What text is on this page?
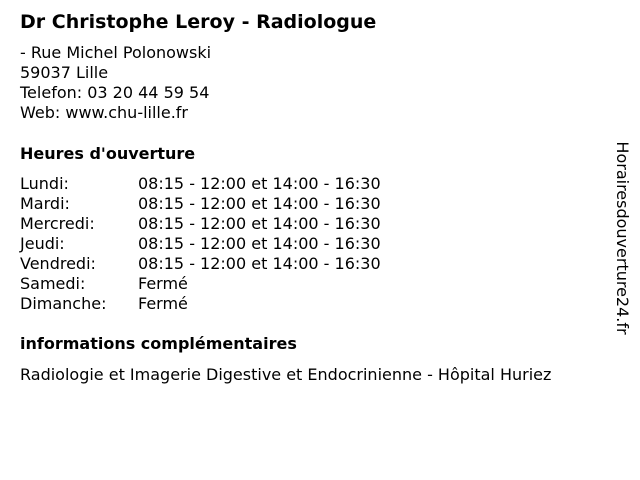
Dr Christophe Leroy - Radiologue
- Rue Michel Polonowski
59037 Lille
Telefon: 03 20 44 59 54
Web: www.chu-lille.fr
Heures d'ouverture
Lundi:	08:15 - 12:00 et 14:00 - 16:30
Mardi:	08:15 - 12:00 et 14:00 - 16:30
Mercredi:	08:15 - 12:00 et 14:00 - 16:30
Jeudi:	08:15 - 12:00 et 14:00 - 16:30
Vendredi:	08:15 - 12:00 et 14:00 - 16:30
Samedi:	Fermé
Dimanche:	Fermé
informations complémentaires
Radiologie et Imagerie Digestive et Endocrinienne - Hôpital Huriez
Horairesdouverture24.fr
